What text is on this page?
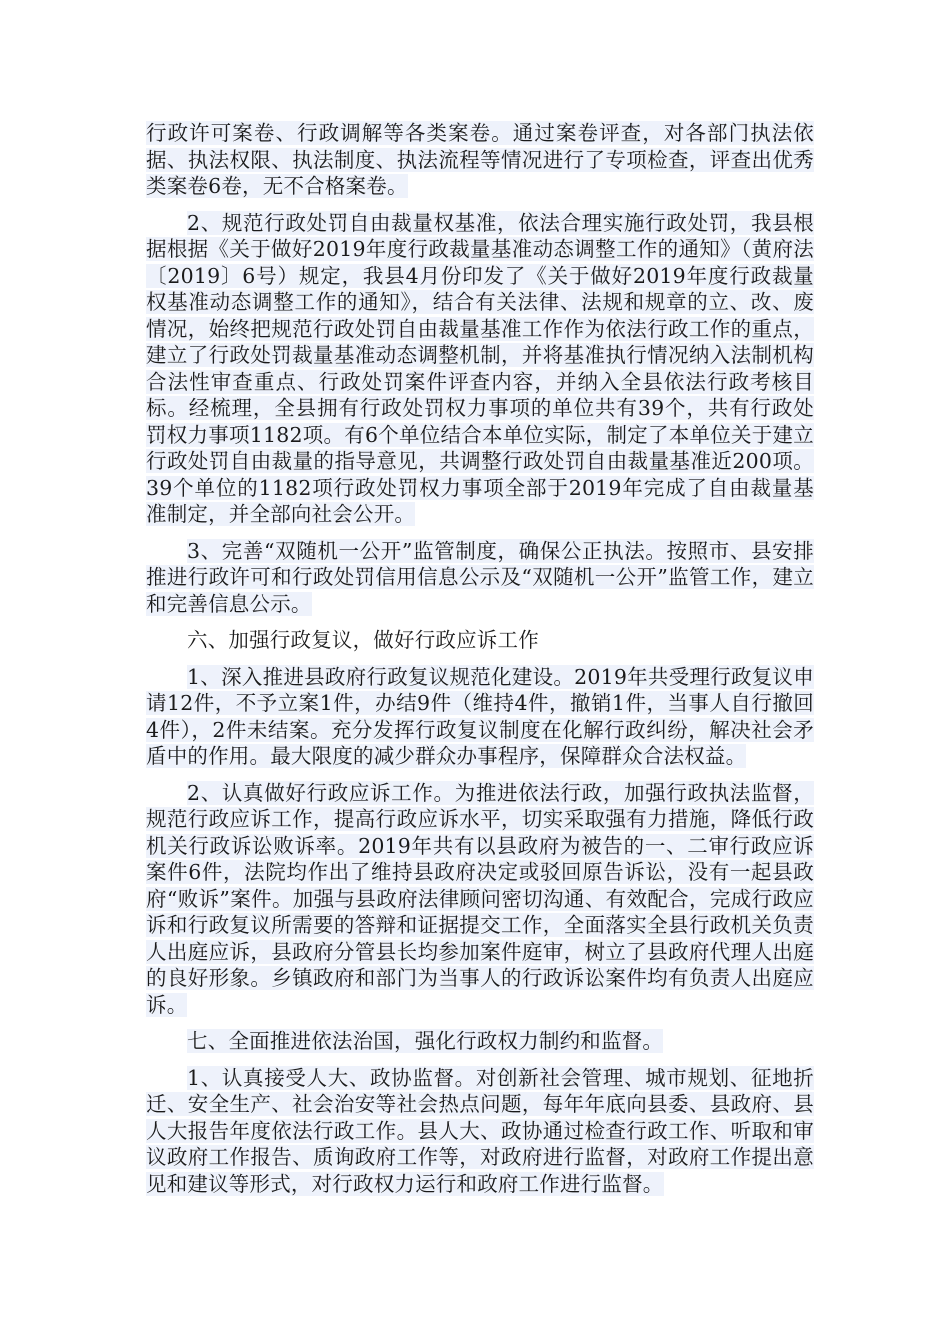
行政许可案卷、行政调解等各类案卷。通过案卷评查，对各部门执法依据、执法权限、执法制度、执法流程等情况进行了专项检查，评查出优秀类案卷6卷，无不合格案卷。

2、规范行政处罚自由裁量权基准，依法合理实施行政处罚，我县根据根据《关于做好2019年度行政裁量基准动态调整工作的通知》（黄府法〔2019〕6号）规定，我县4月份印发了《关于做好2019年度行政裁量权基准动态调整工作的通知》，结合有关法律、法规和规章的立、改、废情况，始终把规范行政处罚自由裁量基准工作作为依法行政工作的重点，建立了行政处罚裁量基准动态调整机制，并将基准执行情况纳入法制机构合法性审查重点、行政处罚案件评查内容，并纳入全县依法行政考核目标。经梳理，全县拥有行政处罚权力事项的单位共有39个，共有行政处罚权力事项1182项。有6个单位结合本单位实际，制定了本单位关于建立行政处罚自由裁量的指导意见，共调整行政处罚自由裁量基准近200项。39个单位的1182项行政处罚权力事项全部于2019年完成了自由裁量基准制定，并全部向社会公开。

3、完善“双随机一公开”监管制度，确保公正执法。按照市、县安排推进行政许可和行政处罚信用信息公示及“双随机一公开”监管工作，建立和完善信息公示。

六、加强行政复议，做好行政应诉工作

1、深入推进县政府行政复议规范化建设。2019年共受理行政复议申请12件，不予立案1件，办结9件（维持4件，撤销1件，当事人自行撤回4件），2件未结案。充分发挥行政复议制度在化解行政纠纷，解决社会矛盾中的作用。最大限度的减少群众办事程序，保障群众合法权益。

2、认真做好行政应诉工作。为推进依法行政，加强行政执法监督，规范行政应诉工作，提高行政应诉水平，切实采取强有力措施，降低行政机关行政诉讼败诉率。2019年共有以县政府为被告的一、二审行政应诉案件6件，法院均作出了维持县政府决定或驳回原告诉讼，没有一起县政府“败诉”案件。加强与县政府法律顾问密切沟通、有效配合，完成行政应诉和行政复议所需要的答辩和证据提交工作，全面落实全县行政机关负责人出庭应诉，县政府分管县长均参加案件庭审，树立了县政府代理人出庭的良好形象。乡镇政府和部门为当事人的行政诉讼案件均有负责人出庭应诉。

七、全面推进依法治国，强化行政权力制约和监督。

1、认真接受人大、政协监督。对创新社会管理、城市规划、征地折迁、安全生产、社会治安等社会热点问题，每年年底向县委、县政府、县人大报告年度依法行政工作。县人大、政协通过检查行政工作、听取和审议政府工作报告、质询政府工作等，对政府进行监督，对政府工作提出意见和建议等形式，对行政权力运行和政府工作进行监督。
